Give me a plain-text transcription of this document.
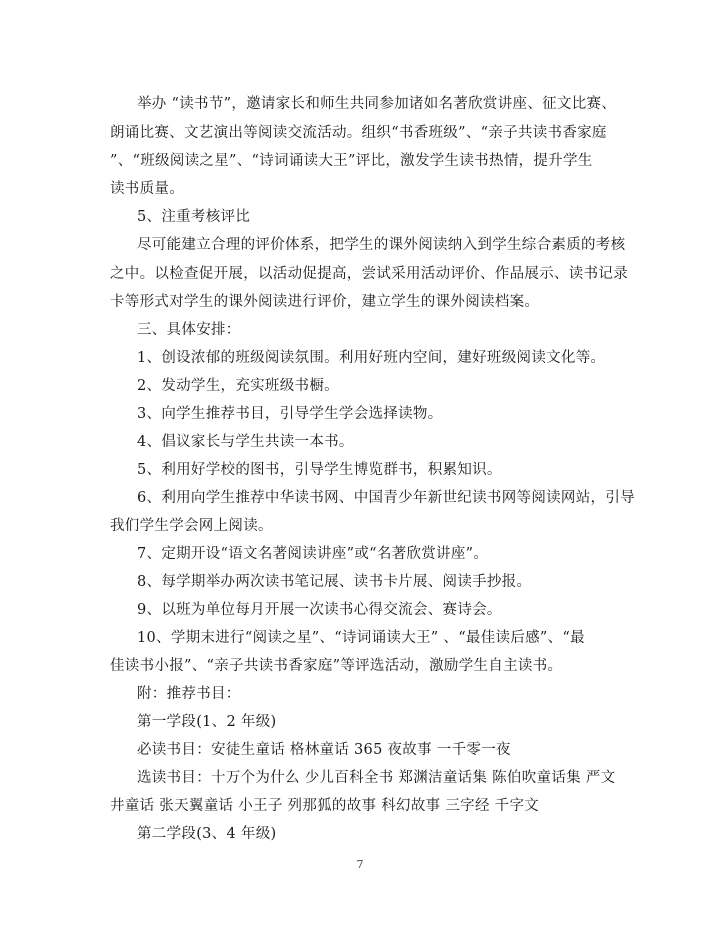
举办 “读书节”，邀请家长和师生共同参加诸如名著欣赏讲座、征文比赛、
朗诵比赛、文艺演出等阅读交流活动。组织“书香班级”、“亲子共读书香家庭
”、“班级阅读之星”、“诗词诵读大王”评比，激发学生读书热情，提升学生
读书质量。
5、注重考核评比
尽可能建立合理的评价体系，把学生的课外阅读纳入到学生综合素质的考核
之中。以检查促开展，以活动促提高，尝试采用活动评价、作品展示、读书记录
卡等形式对学生的课外阅读进行评价，建立学生的课外阅读档案。
三、具体安排：
1、创设浓郁的班级阅读氛围。利用好班内空间，建好班级阅读文化等。
2、发动学生，充实班级书橱。
3、向学生推荐书目，引导学生学会选择读物。
4、倡议家长与学生共读一本书。
5、利用好学校的图书，引导学生博览群书，积累知识。
6、利用向学生推荐中华读书网、中国青少年新世纪读书网等阅读网站，引导
我们学生学会网上阅读。
7、定期开设“语文名著阅读讲座”或“名著欣赏讲座”。
8、每学期举办两次读书笔记展、读书卡片展、阅读手抄报。
9、以班为单位每月开展一次读书心得交流会、赛诗会。
10、学期末进行“阅读之星”、“诗词诵读大王” 、“最佳读后感”、“最
佳读书小报”、“亲子共读书香家庭”等评选活动，激励学生自主读书。
附：推荐书目：
第一学段(1、2 年级)
必读书目：安徒生童话 格林童话 365 夜故事 一千零一夜
选读书目：十万个为什么 少儿百科全书 郑渊洁童话集 陈伯吹童话集 严文
井童话 张天翼童话 小王子 列那狐的故事 科幻故事 三字经 千字文
第二学段(3、4 年级)
7
